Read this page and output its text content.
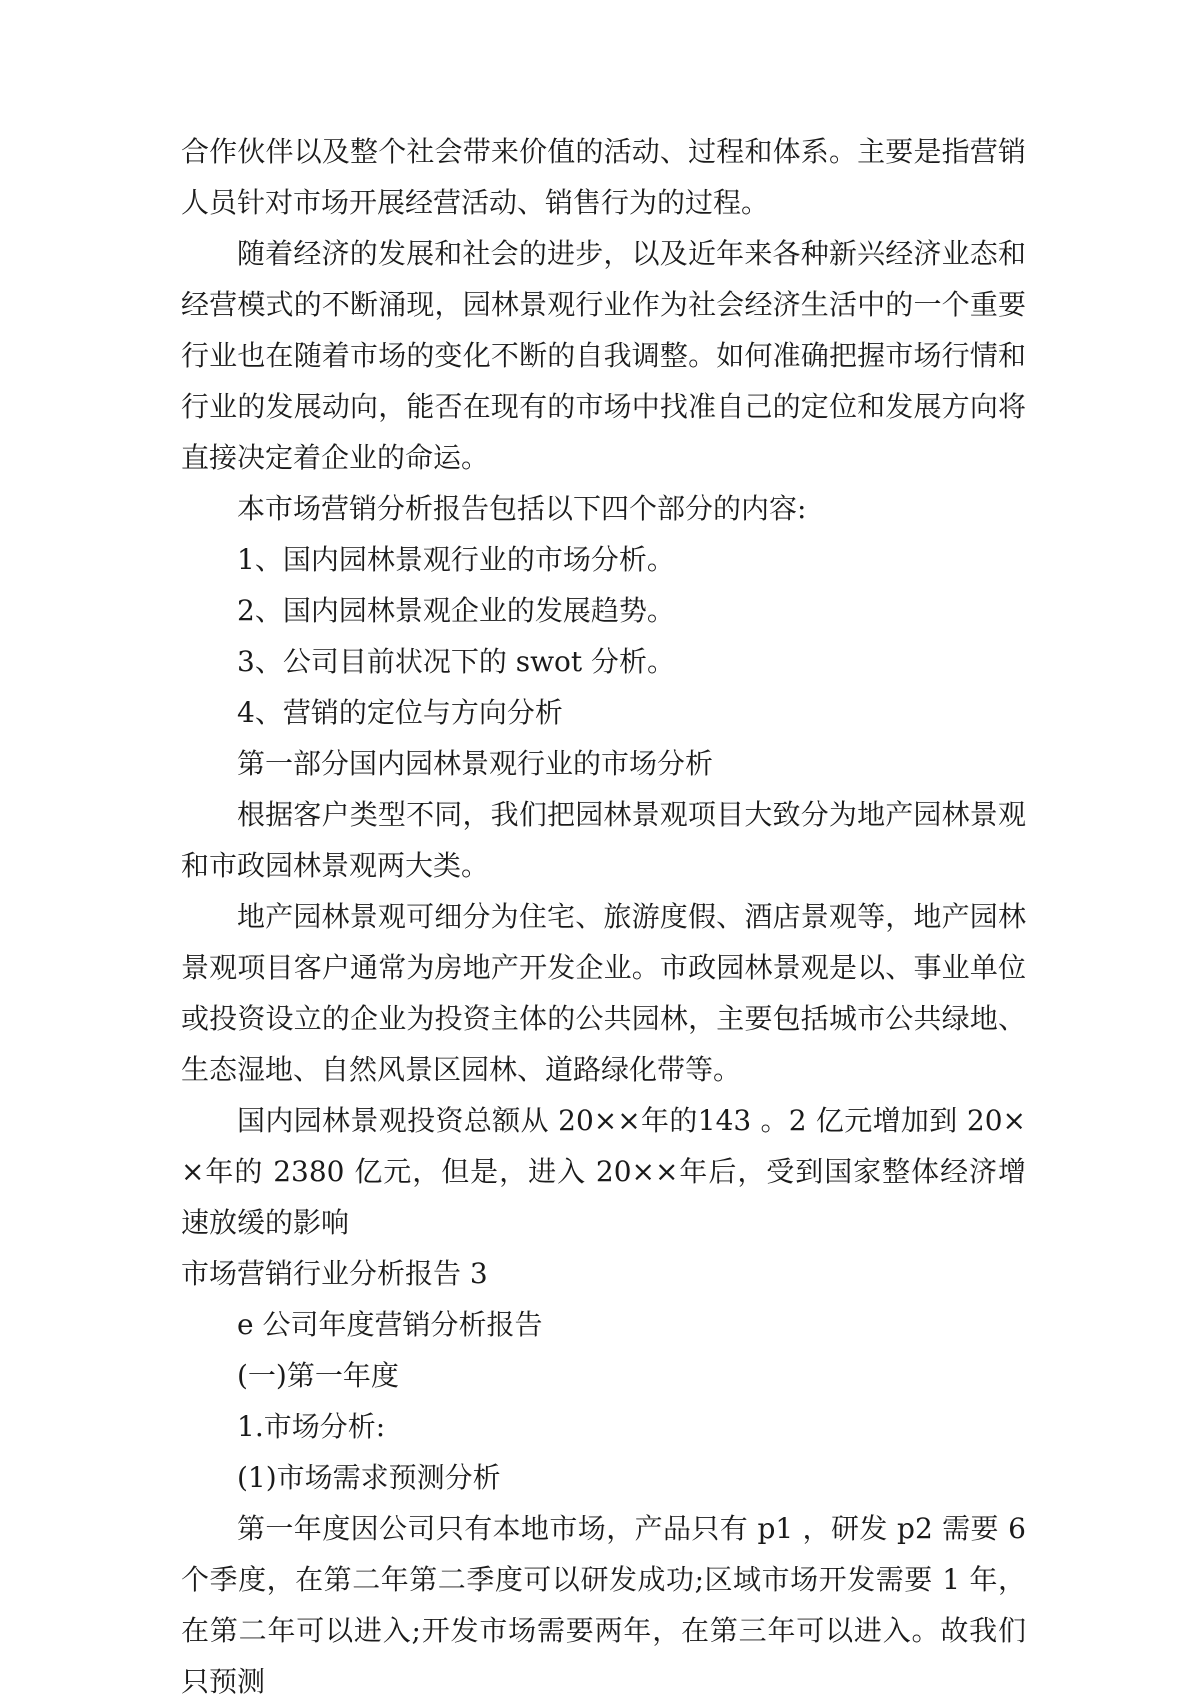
合作伙伴以及整个社会带来价值的活动、过程和体系。主要是指营销人员针对市场开展经营活动、销售行为的过程。

随着经济的发展和社会的进步，以及近年来各种新兴经济业态和经营模式的不断涌现，园林景观行业作为社会经济生活中的一个重要行业也在随着市场的变化不断的自我调整。如何准确把握市场行情和行业的发展动向，能否在现有的市场中找准自己的定位和发展方向将直接决定着企业的命运。

本市场营销分析报告包括以下四个部分的内容:

1、国内园林景观行业的市场分析。

2、国内园林景观企业的发展趋势。

3、公司目前状况下的 swot 分析。

4、营销的定位与方向分析

第一部分国内园林景观行业的市场分析

根据客户类型不同，我们把园林景观项目大致分为地产园林景观和市政园林景观两大类。

地产园林景观可细分为住宅、旅游度假、酒店景观等，地产园林景观项目客户通常为房地产开发企业。市政园林景观是以、事业单位或投资设立的企业为投资主体的公共园林，主要包括城市公共绿地、生态湿地、自然风景区园林、道路绿化带等。

国内园林景观投资总额从 20××年的143 。2 亿元增加到 20××年的 2380 亿元，但是，进入 20××年后，受到国家整体经济增速放缓的影响

市场营销行业分析报告 3

e 公司年度营销分析报告

(一)第一年度

1.市场分析:

(1)市场需求预测分析

第一年度因公司只有本地市场，产品只有 p1 ，研发 p2 需要 6 个季度，在第二年第二季度可以研发成功;区域市场开发需要 1 年，在第二年可以进入;开发市场需要两年，在第三年可以进入。故我们只预测
